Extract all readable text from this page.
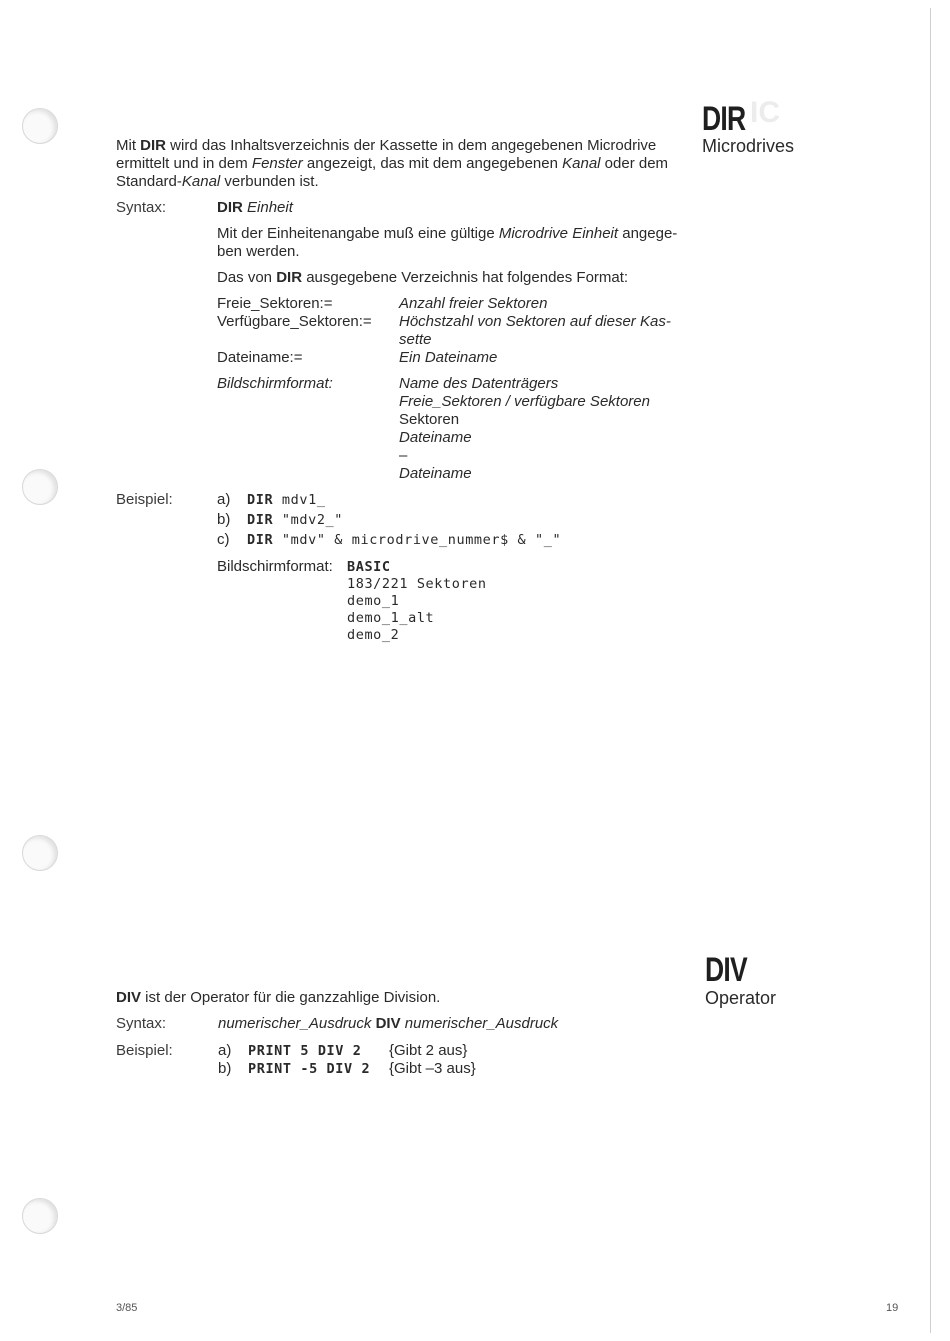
DIR IC
Microdrives
Mit DIR wird das Inhaltsverzeichnis der Kassette in dem angegebenen Microdrive
ermittelt und in dem Fenster angezeigt, das mit dem angegebenen Kanal oder dem
Standard-Kanal verbunden ist.
Syntax:	DIR Einheit
Mit der Einheitenangabe muß eine gültige Microdrive Einheit angege-
ben werden.
Das von DIR ausgegebene Verzeichnis hat folgendes Format:
Freie_Sektoren:=	Anzahl freier Sektoren
Verfügbare_Sektoren:= Höchstzahl von Sektoren auf dieser Kas-
sette
Dateiname:=	Ein Dateiname
Bildschirmformat:	Name des Datenträgers
Freie_Sektoren / verfügbare Sektoren
Sektoren
Dateiname
–
Dateiname
Beispiel:	a) DIR mdv1_
b) DIR "mdv2_"
c) DIR "mdv" & microdrive_nummer$ & "_"
Bildschirmformat: BASIC
183/221 Sektoren
demo_1
demo_1_alt
demo_2
DIV
Operator
DIV ist der Operator für die ganzzahlige Division.
Syntax:	numerischer_Ausdruck DIV numerischer_Ausdruck
Beispiel:	a) PRINT 5 DIV 2 {Gibt 2 aus}
b) PRINT -5 DIV 2 {Gibt –3 aus}
3/85	19
